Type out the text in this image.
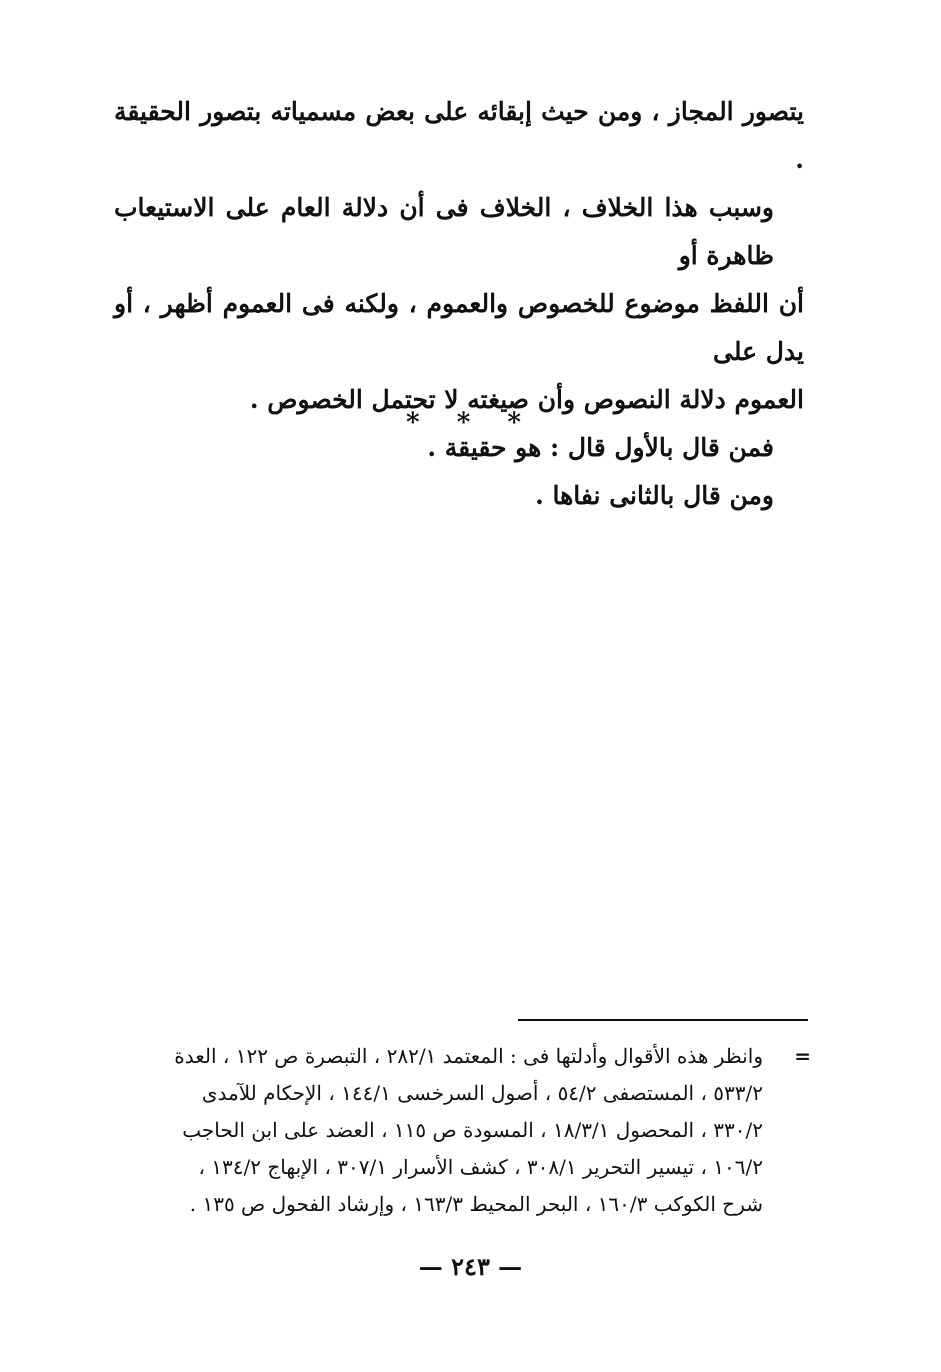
يتصور المجاز ، ومن حيث إبقائه على بعض مسمياته بتصور الحقيقة .

وسبب هذا الخلاف ، الخلاف فى أن دلالة العام على الاستيعاب ظاهرة أو

أن اللفظ موضوع للخصوص والعموم ، ولكنه فى العموم أظهر ، أو يدل على

العموم دلالة النصوص وأن صيغته لا تحتمل الخصوص .

فمن قال بالأول قال : هو حقيقة .

ومن قال بالثانى نفاها .

* * *
=
وانظر هذه الأقوال وأدلتها فى : المعتمد ٢٨٢/١ ، التبصرة ص ١٢٢ ، العدة
٥٣٣/٢ ، المستصفى ٥٤/٢ ، أصول السرخسى ١٤٤/١ ، الإحكام للآمدى
٣٣٠/٢ ، المحصول ١٨/٣/١ ، المسودة ص ١١٥ ، العضد على ابن الحاجب
١٠٦/٢ ، تيسير التحرير ٣٠٨/١ ، كشف الأسرار ٣٠٧/١ ، الإبهاج ١٣٤/٢ ،
شرح الكوكب ١٦٠/٣ ، البحر المحيط ١٦٣/٣ ، وإرشاد الفحول ص ١٣٥ .
— ٢٤٣ —
